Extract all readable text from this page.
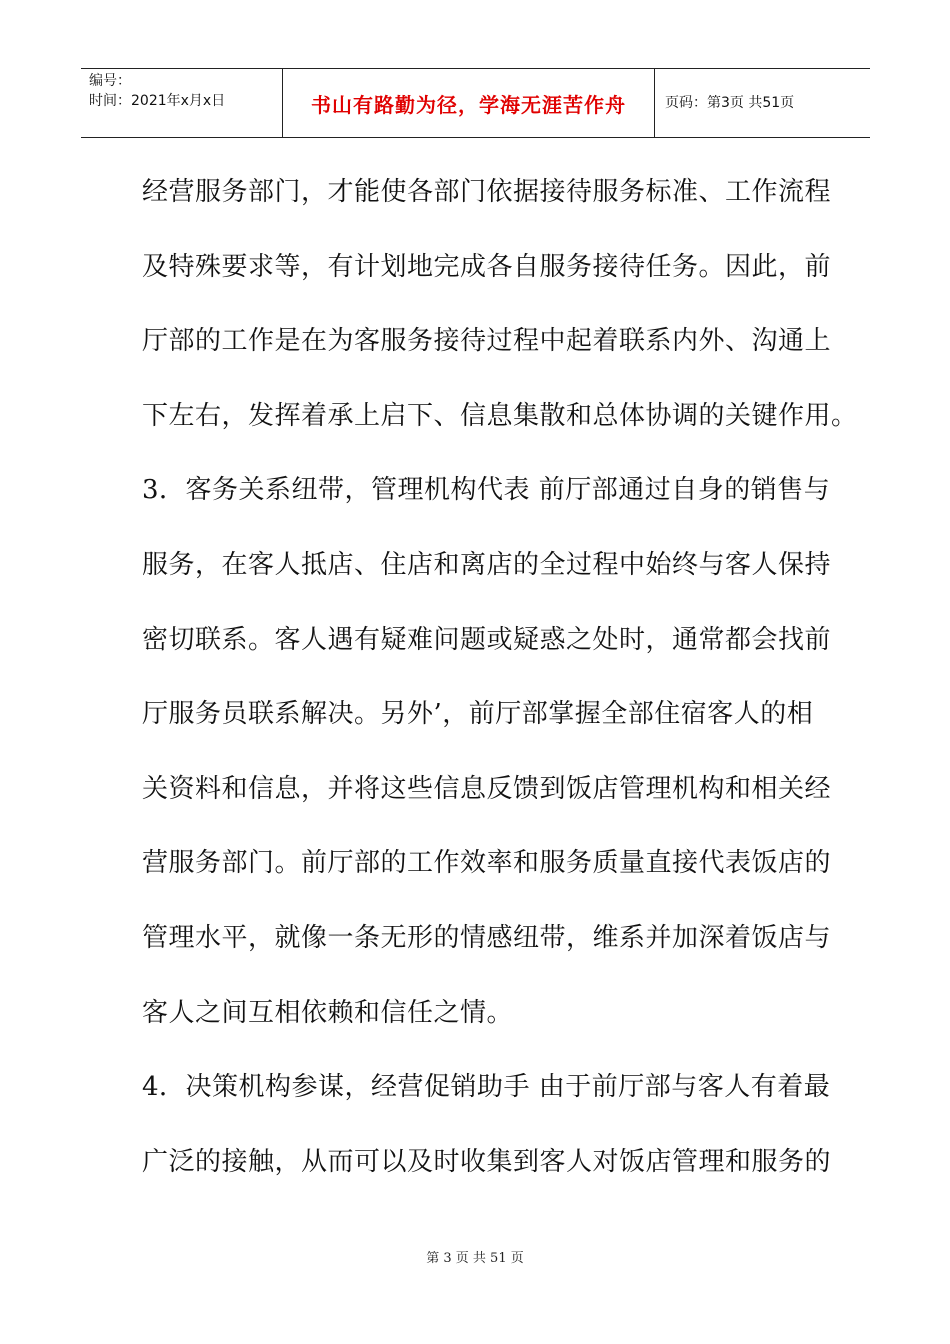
编号：
时间：2021年x月x日	书山有路勤为径，学海无涯苦作舟	页码：第3页 共51页
经营服务部门，才能使各部门依据接待服务标准、工作流程
及特殊要求等，有计划地完成各自服务接待任务。因此，前
厅部的工作是在为客服务接待过程中起着联系内外、沟通上
下左右，发挥着承上启下、信息集散和总体协调的关键作用。
3．客务关系纽带，管理机构代表 前厅部通过自身的销售与
服务，在客人抵店、住店和离店的全过程中始终与客人保持
密切联系。客人遇有疑难问题或疑惑之处时，通常都会找前
厅服务员联系解决。另外’，前厅部掌握全部住宿客人的相
关资料和信息，并将这些信息反馈到饭店管理机构和相关经
营服务部门。前厅部的工作效率和服务质量直接代表饭店的
管理水平，就像一条无形的情感纽带，维系并加深着饭店与
客人之间互相依赖和信任之情。
4．决策机构参谋，经营促销助手 由于前厅部与客人有着最
广泛的接触，从而可以及时收集到客人对饭店管理和服务的
第 3 页 共 51 页
